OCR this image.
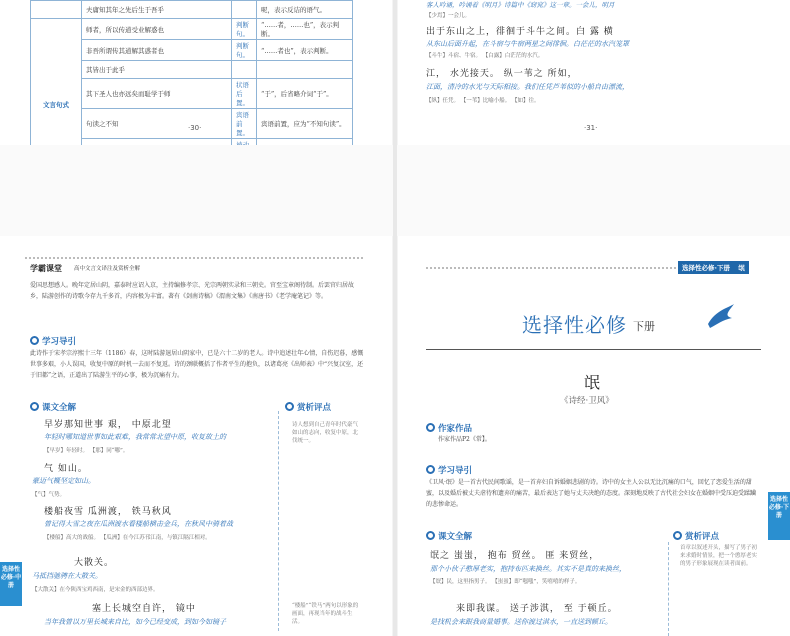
	夫庸知其年之先后生于吾乎		呢，表示反诘的语气。
文言句式	师者，所以传道受业解惑也	判断句。	“……者，……也”，表示判断。
	非吾所谓传其道解其惑者也	判断句。	“……者也”，表示判断。
	其皆出于此乎		
	其下圣人也亦远矣而耻学于师	状语后置。	“于”，后省略介词“于”。
	句读之不知	宾语前置。	宾语前置，应为“不知句读”。

·30·
客人吟诵，吟诵着《明月》诗篇中《窈窕》这一章。一会儿，明月
【少焉】一会儿。
出于东山之上，徘徊于斗牛之间。白 露 横
从东山后面升起，在斗宿与牛宿两星之间徘徊。白茫茫的水汽笼罩
【斗牛】斗宿、牛宿。 【白露】白茫茫的水汽。
江， 水光接天。 纵一苇之 所如，
江面，清冷的水光与天际相接。我们任凭芦苇似的小船自由漂流，
【纵】任凭。 【一苇】比喻小船。 【如】往。
·31·
学霸课堂 高中文言文译注及赏析全解
爱国思想感人。晚年定居山阴，嘉泰时应诏入京，主持编修孝宗、光宗两朝实录和三朝史。官至宝章阁待制。后罢官归居故乡，陆游创作的诗歌今存九千多首，内容极为丰富。著有《剑南诗稿》《渭南文集》《南唐书》《老学庵笔记》等。
学习导引
此诗作于宋孝宗淳熙十三年（1186）春，这时陆游退居山阴家中，已是六十二岁的老人。诗中追述壮年心情，自伤迟暮，感慨世事多艰，小人误国，收复中原的时机一去而不复返。诗的颈联概括了作者平生的抱负，以诸葛亮《出师表》中“兴复汉室，还于旧都”之语，正道出了陆游生平的心事，极为沉痛有力。
课文全解	赏析评点
早岁那知世事 艰， 中原北望
年轻时哪知道世事如此艰难，我常常北望中原，收复故土的
【早岁】年轻时。 【那】同“哪”。
气 如山。
豪迈气概坚定如山。
【气】气势。
楼船夜雪 瓜洲渡， 铁马秋风
曾记得大雪之夜在瓜洲渡水看楼船横击金兵，在秋风中骑着战
【楼船】高大的战船。 【瓜洲】在今江苏邗江南，与镇江隔江相对。
大散关。
马抵挡驰骋在大散关。
【大散关】在今陕西宝鸡西南，是宋金的西部边界。
塞上长城空自许， 镜中
当年我曾以万里长城来自比，如今已经变成，到如今如镜子
诗人想到自己青年时代豪气如山的志向，收复中原，北伐统一。
“楼船”“铁马”两句以形象的画面，再现当年的战斗生活。
选择性必修·中册
选择性必修·下册 氓
选择性必修 下册
氓
《诗经·卫风》
作家作品
作家作品P2《常】。
学习导引
《卫风·氓》是一首古代民间歌谣，是一首弃妇自诉婚姻悲剧的诗。诗中的女主人公以无比沉痛的口气，回忆了恋爱生活的甜蜜，以及婚后被丈夫虐待和遗弃的痛苦，最后表达了她与丈夫决绝的态度。深刻地反映了古代社会妇女在婚姻中受压迫受蹂躏的悲惨命运。
课文全解	赏析评点
氓之 蚩蚩， 抱布 贸丝。 匪 来贸丝，
那个小伙子憨厚老实，抱持布匹来换丝。其实不是真的来换丝，
【氓】民，这里指男子。 【蚩蚩】即“嗤嗤”，笑嘻嘻的样子。
来即我谋。 送子涉淇， 至 于顿丘。
是找机会来跟我商量婚事。送你渡过淇水，一直送到顿丘。
首章以叙述开头，描写了男子初来求婚时情景，把一个憨厚老实的男子形象展现在读者面前。
选择性必修·下册
